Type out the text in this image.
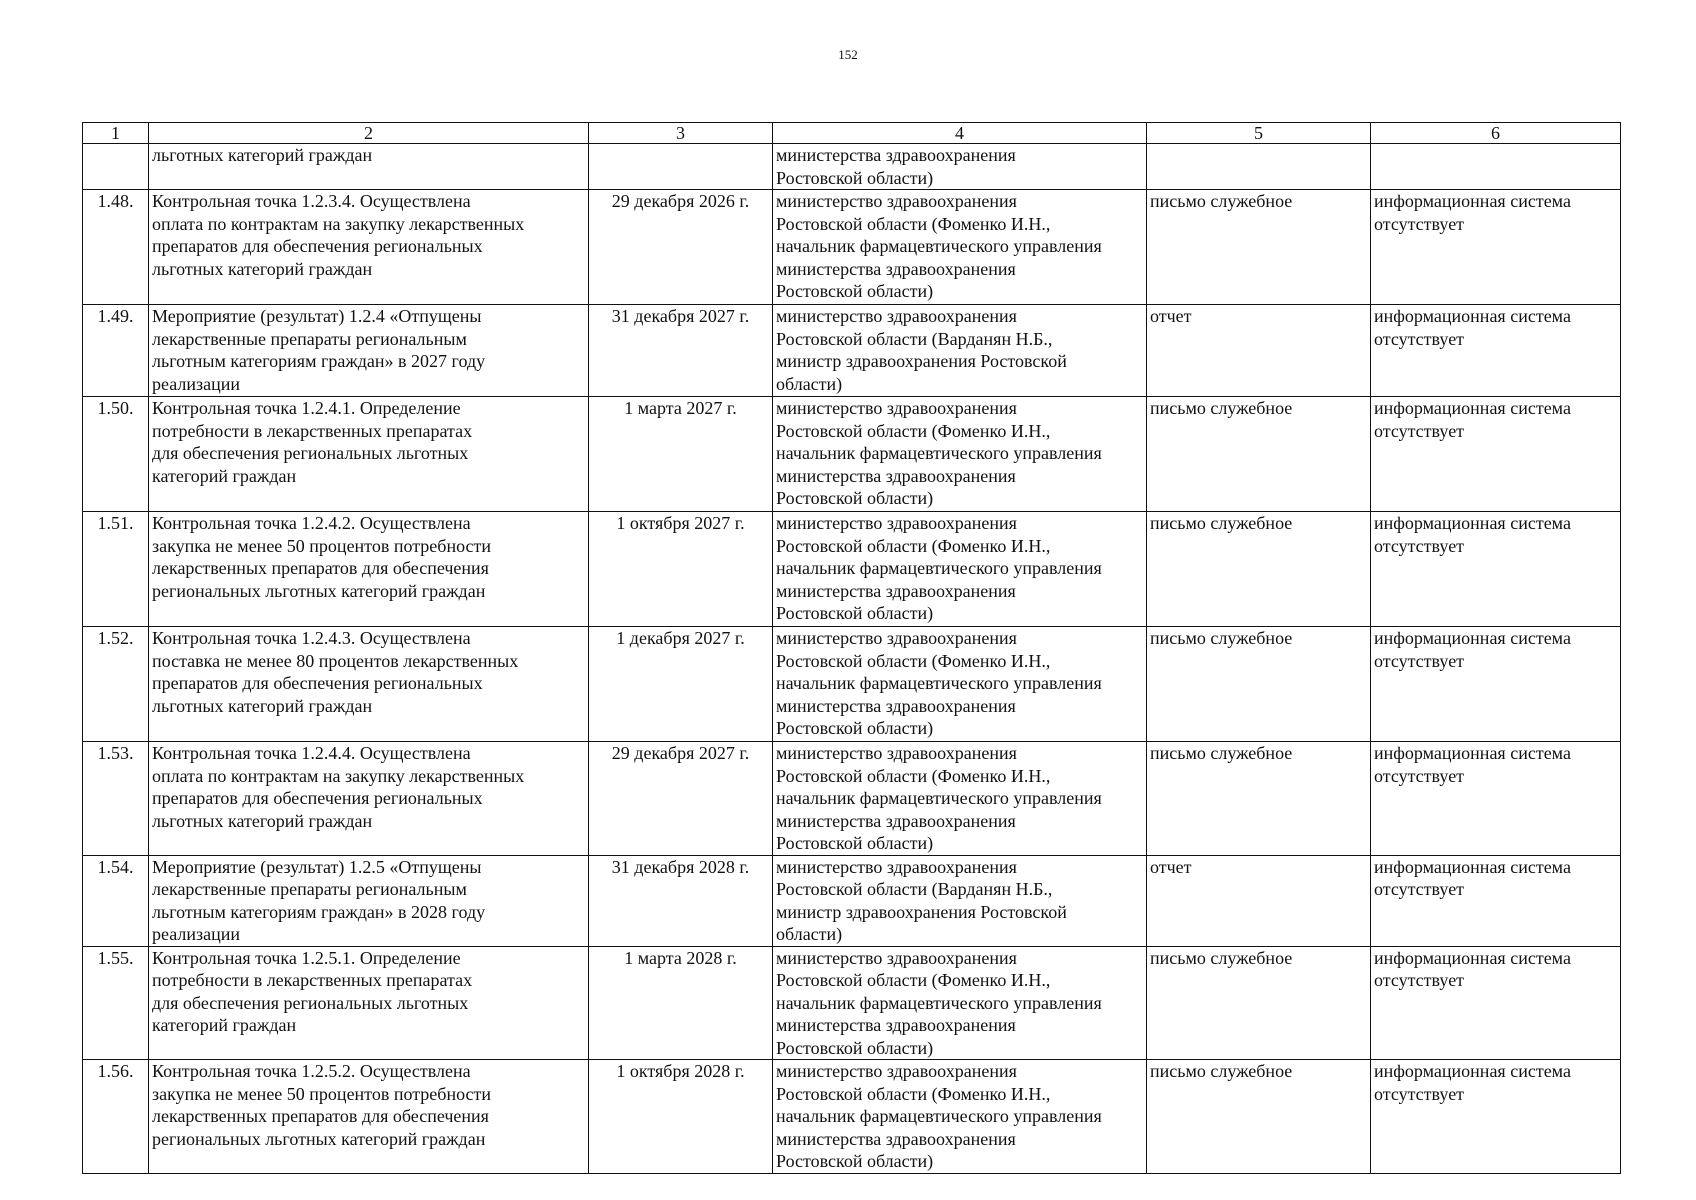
152
1	2	3	4	5	6
	льготных категорий граждан		министерства здравоохранения
Ростовской области)		
1.48.	Контрольная точка 1.2.3.4. Осуществлена
оплата по контрактам на закупку лекарственных
препаратов для обеспечения региональных
льготных категорий граждан	29 декабря 2026 г.	министерство здравоохранения
Ростовской области (Фоменко И.Н.,
начальник фармацевтического управления
министерства здравоохранения
Ростовской области)	письмо служебное	информационная система
отсутствует
1.49.	Мероприятие (результат) 1.2.4 «Отпущены
лекарственные препараты региональным
льготным категориям граждан» в 2027 году
реализации	31 декабря 2027 г.	министерство здравоохранения
Ростовской области (Варданян Н.Б.,
министр здравоохранения Ростовской
области)	отчет	информационная система
отсутствует
1.50.	Контрольная точка 1.2.4.1. Определение
потребности в лекарственных препаратах
для обеспечения региональных льготных
категорий граждан	1 марта 2027 г.	министерство здравоохранения
Ростовской области (Фоменко И.Н.,
начальник фармацевтического управления
министерства здравоохранения
Ростовской области)	письмо служебное	информационная система
отсутствует
1.51.	Контрольная точка 1.2.4.2. Осуществлена
закупка не менее 50 процентов потребности
лекарственных препаратов для обеспечения
региональных льготных категорий граждан	1 октября 2027 г.	министерство здравоохранения
Ростовской области (Фоменко И.Н.,
начальник фармацевтического управления
министерства здравоохранения
Ростовской области)	письмо служебное	информационная система
отсутствует
1.52.	Контрольная точка 1.2.4.3. Осуществлена
поставка не менее 80 процентов лекарственных
препаратов для обеспечения региональных
льготных категорий граждан	1 декабря 2027 г.	министерство здравоохранения
Ростовской области (Фоменко И.Н.,
начальник фармацевтического управления
министерства здравоохранения
Ростовской области)	письмо служебное	информационная система
отсутствует
1.53.	Контрольная точка 1.2.4.4. Осуществлена
оплата по контрактам на закупку лекарственных
препаратов для обеспечения региональных
льготных категорий граждан	29 декабря 2027 г.	министерство здравоохранения
Ростовской области (Фоменко И.Н.,
начальник фармацевтического управления
министерства здравоохранения
Ростовской области)	письмо служебное	информационная система
отсутствует
1.54.	Мероприятие (результат) 1.2.5 «Отпущены
лекарственные препараты региональным
льготным категориям граждан» в 2028 году
реализации	31 декабря 2028 г.	министерство здравоохранения
Ростовской области (Варданян Н.Б.,
министр здравоохранения Ростовской
области)	отчет	информационная система
отсутствует
1.55.	Контрольная точка 1.2.5.1. Определение
потребности в лекарственных препаратах
для обеспечения региональных льготных
категорий граждан	1 марта 2028 г.	министерство здравоохранения
Ростовской области (Фоменко И.Н.,
начальник фармацевтического управления
министерства здравоохранения
Ростовской области)	письмо служебное	информационная система
отсутствует
1.56.	Контрольная точка 1.2.5.2. Осуществлена
закупка не менее 50 процентов потребности
лекарственных препаратов для обеспечения
региональных льготных категорий граждан	1 октября 2028 г.	министерство здравоохранения
Ростовской области (Фоменко И.Н.,
начальник фармацевтического управления
министерства здравоохранения
Ростовской области)	письмо служебное	информационная система
отсутствует
